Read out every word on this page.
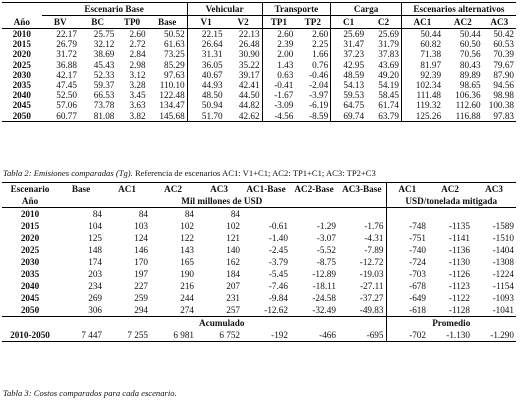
	Escenario Base				Vehicular		Transporte		Carga		Escenarios alternativos		
Año	BV	BC	TP0	Base	V1	V2	TP1	TP2	C1	C2	AC1	AC2	AC3
2010	22.17	25.75	2.60	50.52	22.15	22.13	2.60	2.60	25.69	25.69	50.44	50.44	50.42
2015	26.79	32.12	2.72	61.63	26.64	26.48	2.39	2.25	31.47	31.79	60.82	60.50	60.53
2020	31.72	38.69	2.84	73.25	31.31	30.90	2.00	1.66	37.23	37.83	71.38	70.56	70.39
2025	36.88	45.43	2.98	85.29	36.05	35.22	1.43	0.76	42.95	43.69	81.97	80.43	79.67
2030	42.17	52.33	3.12	97.63	40.67	39.17	0.63	-0.46	48.59	49.20	92.39	89.89	87.90
2035	47.45	59.37	3.28	110.10	44.93	42.41	-0.41	-2.04	54.13	54.19	102.34	98.65	94.56
2040	52.50	66.53	3.45	122.48	48.50	44.50	-1.67	-3.97	59.53	58.45	111.48	106.36	98.98
2045	57.06	73.78	3.63	134.47	50.94	44.82	-3.09	-6.19	64.75	61.74	119.32	112.60	100.38
2050	60.77	81.08	3.82	145.68	51.70	42.62	-4.56	-8.59	69.74	63.79	125.26	116.88	97.83
Tabla 2: Emisiones comparadas (Tg). Referencia de escenarios AC1: V1+C1; AC2: TP1+C1; AC3: TP2+C3
Escenario	Base	AC1	AC2	AC3	AC1-Base	AC2-Base	AC3-Base	AC1	AC2	AC3
Año	Mil millones de USD							USD/tonelada mitigada		
2010	84	84	84	84						
2015	104	103	102	102	-0.61	-1.29	-1.76	-748	-1135	-1589
2020	125	124	122	121	-1.40	-3.07	-4.31	-751	-1141	-1510
2025	148	146	143	140	-2.45	-5.52	-7.89	-740	-1136	-1404
2030	174	170	165	162	-3.79	-8.75	-12.72	-724	-1130	-1308
2035	203	197	190	184	-5.45	-12.89	-19.03	-703	-1126	-1224
2040	234	227	216	207	-7.46	-18.11	-27.11	-678	-1123	-1154
2045	269	259	244	231	-9.84	-24.58	-37.27	-649	-1122	-1093
2050	306	294	274	257	-12.62	-32.49	-49.83	-618	-1128	-1041
	Acumulado							Promedio		
2010-2050	7 447	7 255	6 981	6 752	-192	-466	-695	-702	-1.130	-1.290
Tabla 3: Costos comparados para cada escenario.
